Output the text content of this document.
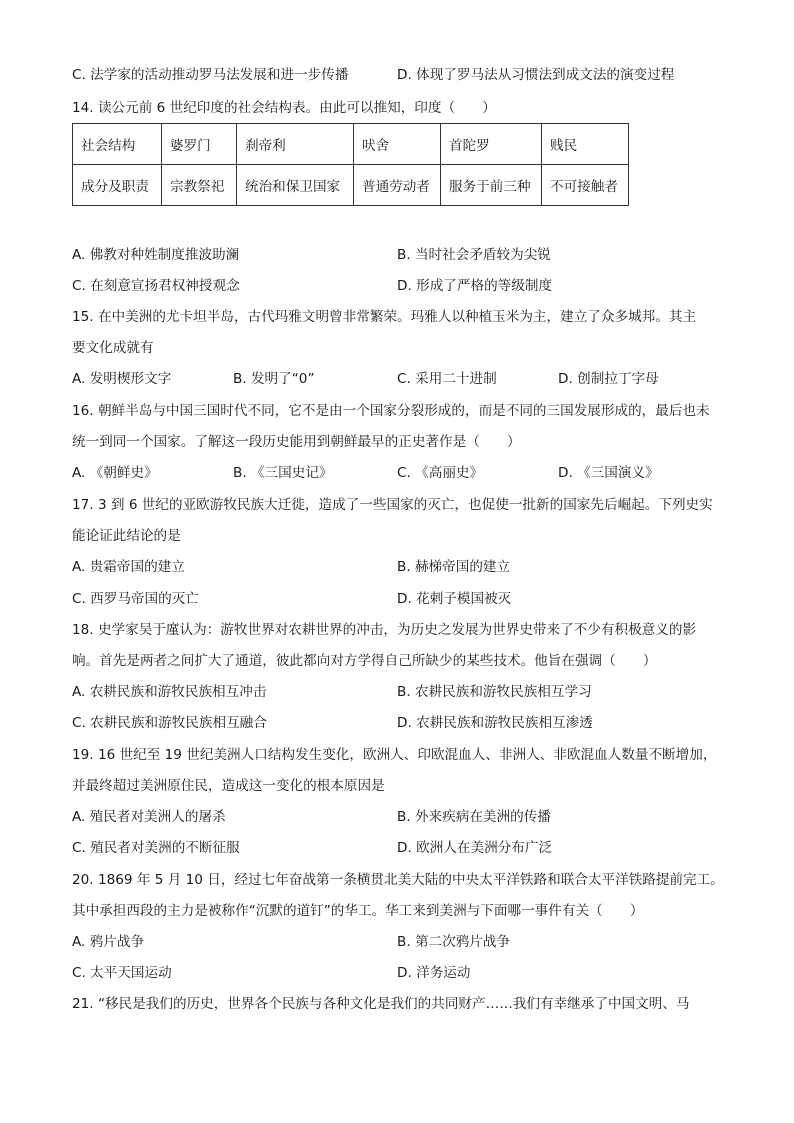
C. 法学家的活动推动罗马法发展和进一步传播	D. 体现了罗马法从习惯法到成文法的演变过程
14. 读公元前 6 世纪印度的社会结构表。由此可以推知，印度（　　）
社会结构	婆罗门	刹帝利	吠舍	首陀罗	贱民
成分及职责	宗教祭祀	统治和保卫国家	普通劳动者	服务于前三种	不可接触者
A. 佛教对种姓制度推波助澜	B. 当时社会矛盾较为尖锐
C. 在刻意宣扬君权神授观念	D. 形成了严格的等级制度
15. 在中美洲的尤卡坦半岛，古代玛雅文明曾非常繁荣。玛雅人以种植玉米为主，建立了众多城邦。其主
要文化成就有
A. 发明楔形文字	B. 发明了“0”	C. 采用二十进制	D. 创制拉丁字母
16. 朝鲜半岛与中国三国时代不同，它不是由一个国家分裂形成的，而是不同的三国发展形成的，最后也未
统一到同一个国家。了解这一段历史能用到朝鲜最早的正史著作是（　　）
A. 《朝鲜史》	B. 《三国史记》	C. 《高丽史》	D. 《三国演义》
17. 3 到 6 世纪的亚欧游牧民族大迁徙，造成了一些国家的灭亡，也促使一批新的国家先后崛起。下列史实
能论证此结论的是
A. 贵霜帝国的建立	B. 赫梯帝国的建立
C. 西罗马帝国的灭亡	D. 花剌子模国被灭
18. 史学家吴于廑认为：游牧世界对农耕世界的冲击，为历史之发展为世界史带来了不少有积极意义的影
响。首先是两者之间扩大了通道，彼此都向对方学得自己所缺少的某些技术。他旨在强调（　　）
A. 农耕民族和游牧民族相互冲击	B. 农耕民族和游牧民族相互学习
C. 农耕民族和游牧民族相互融合	D. 农耕民族和游牧民族相互渗透
19. 16 世纪至 19 世纪美洲人口结构发生变化，欧洲人、印欧混血人、非洲人、非欧混血人数量不断增加，
并最终超过美洲原住民，造成这一变化的根本原因是
A. 殖民者对美洲人的屠杀	B. 外来疾病在美洲的传播
C. 殖民者对美洲的不断征服	D. 欧洲人在美洲分布广泛
20. 1869 年 5 月 10 日，经过七年奋战第一条横贯北美大陆的中央太平洋铁路和联合太平洋铁路提前完工。
其中承担西段的主力是被称作“沉默的道钉”的华工。华工来到美洲与下面哪一事件有关（　　）
A. 鸦片战争	B. 第二次鸦片战争
C. 太平天国运动	D. 洋务运动
21. “移民是我们的历史，世界各个民族与各种文化是我们的共同财产……我们有幸继承了中国文明、马
